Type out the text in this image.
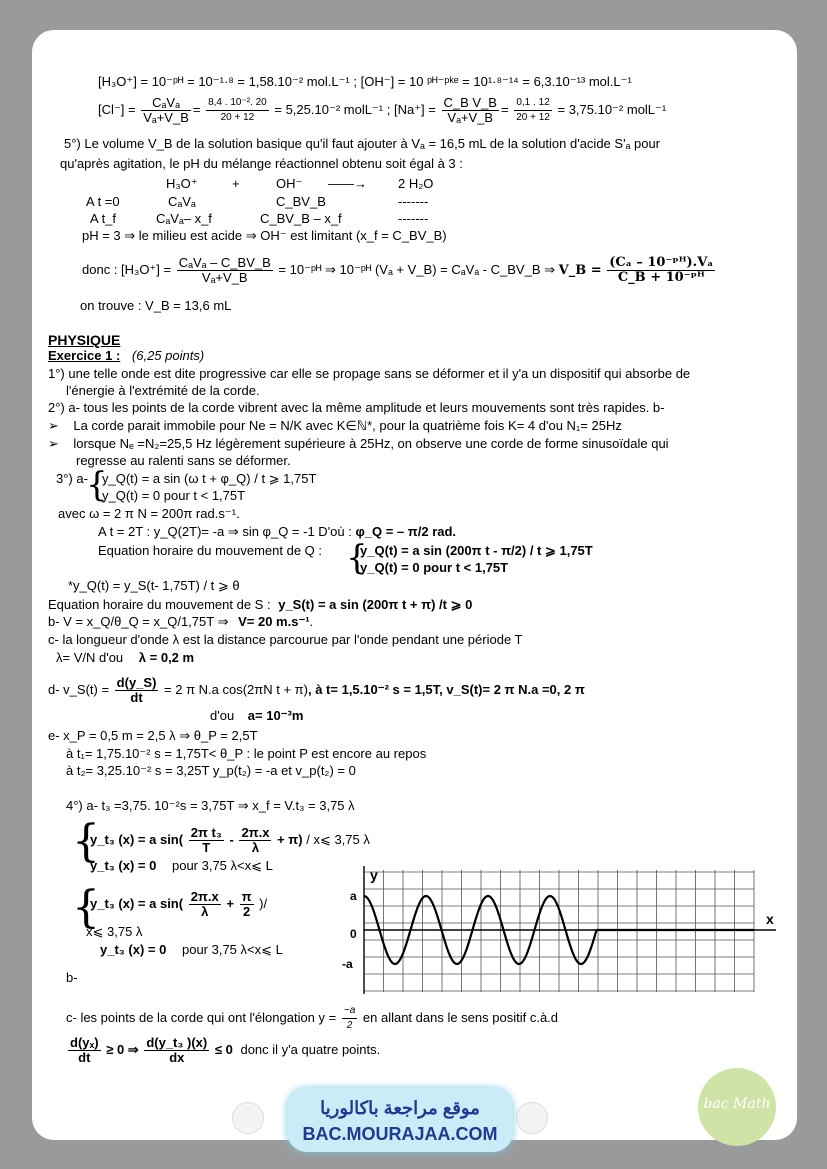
[H₃O⁺] = 10⁻ᵖᴴ = 10⁻¹·⁸ = 1,58.10⁻² mol.L⁻¹ ; [OH⁻] = 10 ᵖᴴ⁻ᵖᵏᵉ = 10¹·⁸⁻¹⁴ = 6,3.10⁻¹³ mol.L⁻¹
$[Cl^-] = \frac{\text{CₐVₐ}}{\text{Vₐ+V\_B}} = \frac{\text{8,4 . 10⁻². 20}}{20 + 12} = 5,25.10^{-2}$ molL⁻¹ ; $[Na^+] = \frac{\text{C\_B V\_B}}{\text{Vₐ+V\_B}} = \frac{0,1 . 12}{20 + 12} = 3,75.10^{-2}$ molL⁻¹
5°) Le volume V_B de la solution basique qu'il faut ajouter à Vₐ = 16,5 mL de la solution d'acide S'ₐ pour
qu'après agitation, le pH du mélange réactionnel obtenu soit égal à 3 :
H₃O⁺	+	OH⁻ ——→ 2 H₂O
A t =0	CₐVₐ	C_BV_B	-------
A t_f	CₐVₐ– x_f	C_BV_B – x_f	-------
pH = 3 ⇒ le milieu est acide ⇒ OH⁻ est limitant (x_f = C_BV_B)
donc : $[H_3O^+] = \frac{\text{CₐVₐ – C\_BV\_B}}{\text{Vₐ+V\_B}}$ = 10⁻ᵖᴴ ⇒ 10⁻ᵖᴴ (Vₐ + V_B) = CₐVₐ - C_BV_B ⇒ V_B = $\frac{\text{(Cₐ – 10⁻ᵖᴴ).Vₐ}}{\text{C\_B + 10⁻ᵖᴴ}}$
on trouve : V_B = 13,6 mL
PHYSIQUE
Exercice 1 : (6,25 points)
1°) une telle onde est dite progressive car elle se propage sans se déformer et il y'a un dispositif qui absorbe de
l'énergie à l'extrémité de la corde.
2°) a- tous les points de la corde vibrent avec la même amplitude et leurs mouvements sont très rapides. b-
➢    La corde parait immobile pour Ne = N/K avec K∈ℕ*, pour la quatrième fois K= 4 d'ou N₁= 25Hz
➢    lorsque Nₑ =N₂=25,5 Hz légèrement supérieure à 25Hz, on observe une corde de forme sinusoïdale qui
regresse au ralenti sans se déformer.
3°) a-
{
y_Q(t) = a sin (ω t + φ_Q) / t ⩾ 1,75T
y_Q(t) = 0 pour t < 1,75T
avec ω = 2 π N = 200π rad.s⁻¹.
A t = 2T : y_Q(2T)= -a ⇒ sin φ_Q = -1 D'où : φ_Q = – π/2 rad.
Equation horaire du mouvement de Q : {
y_Q(t) = a sin (200π t - π/2) / t ⩾ 1,75T
y_Q(t) = 0 pour t < 1,75T
*y_Q(t) = y_S(t- 1,75T) / t ⩾ θ
Equation horaire du mouvement de S : y_S(t) = a sin (200π t + π) /t ⩾ 0
b- V = x_Q/θ_Q = x_Q/1,75T ⇒ V= 20 m.s⁻¹.
c- la longueur d'onde λ est la distance parcourue par l'onde pendant une période T
λ= V/N d'ou λ = 0,2 m
d- v_S(t) = $\frac{d(y\_S)}{dt} = 2$ π N.a cos(2πN t + π), à t= 1,5.10⁻² s = 1,5T, v_S(t)= 2 π N.a =0, 2 π
d'ou a= 10⁻³m
e- x_P = 0,5 m = 2,5 λ ⇒ θ_P = 2,5T
à t₁= 1,75.10⁻² s = 1,75T< θ_P : le point P est encore au repos
à t₂= 3,25.10⁻² s = 3,25T y_p(t₂) = -a et v_p(t₂) = 0
4°) a- t₃ =3,75. 10⁻²s = 3,75T ⇒ x_f = V.t₃ = 3,75 λ
{
y_t₃ (x) = a $\sin( \frac{\text{2π t₃}}{T} - \frac{2\pi.x}{\lambda} + \pi)$ / x⩽ 3,75 λ
y_t₃ (x) = 0 pour 3,75 λ<x⩽ L
{
y_t₃ (x) = a $\sin( \frac{2\pi.x}{\lambda} + \frac{\pi}{2}$ )/
x⩽ 3,75 λ
y_t₃ (x) = 0 pour 3,75 λ<x⩽ L
b-
y
x
a
0
-a
c- les points de la corde qui ont l'élongation $y = \frac{-a}{2}$ en allant dans le sens positif c.à.d
$\frac{\text{d(yₓ)}}{dt} \ge 0$ ⇒ $\frac{\text{d(y\_t₃ )(x)}}{dx} \le 0$ donc il y'a quatre points.
موقع مراجعة باكالوريا
BAC.MOURAJAA.COM
bac Math
